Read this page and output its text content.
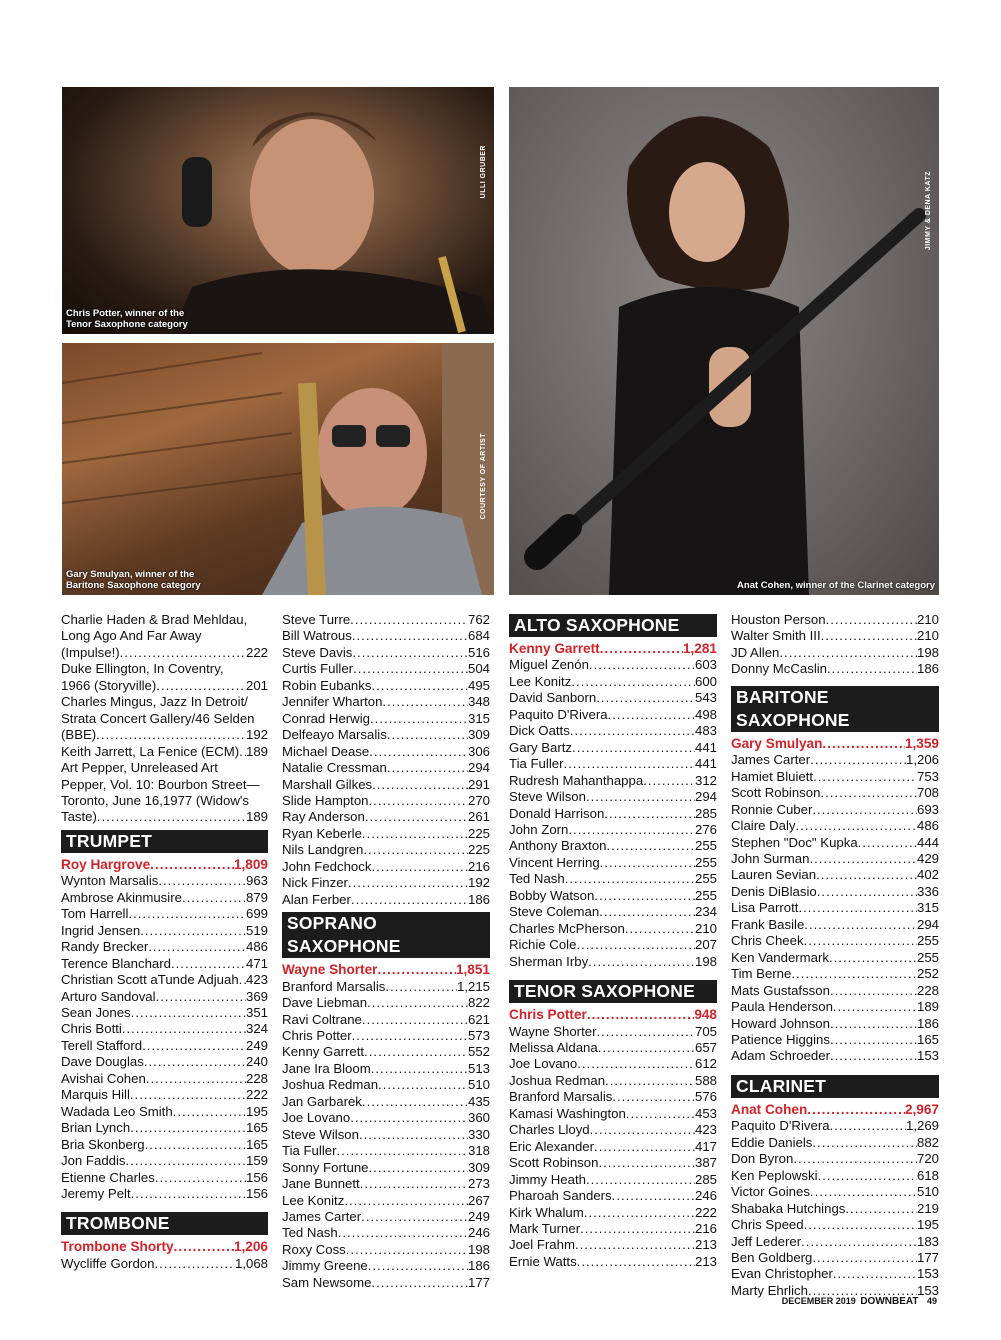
ULLI GRUBER
Chris Potter, winner of the
Tenor Saxophone category
COURTESY OF ARTIST
Gary Smulyan, winner of the
Baritone Saxophone category
JIMMY & DENA KATZ
Anat Cohen, winner of the Clarinet category
Charlie Haden & Brad Mehldau,
Long Ago And Far Away
(Impulse!) .....	222
Duke Ellington, In Coventry,
1966 (Storyville) .....	201
Charles Mingus, Jazz In Detroit/
Strata Concert Gallery/46 Selden
(BBE) .....	192
Keith Jarrett, La Fenice (ECM) ..... 189
Art Pepper, Unreleased Art
Pepper, Vol. 10: Bourbon Street—
Toronto, June 16,1977 (Widow's
Taste) .....	189
TRUMPET
Roy Hargrove .....	1,809
Wynton Marsalis .....	963
Ambrose Akinmusire .....	879
Tom Harrell .....	699
Ingrid Jensen .....	519
Randy Brecker .....	486
Terence Blanchard .....	471
Christian Scott aTunde Adjuah ..... 423
Arturo Sandoval .....	369
Sean Jones .....	351
Chris Botti .....	324
Terell Stafford .....	249
Dave Douglas .....	240
Avishai Cohen .....	228
Marquis Hill .....	222
Wadada Leo Smith .....	195
Brian Lynch .....	165
Bria Skonberg .....	165
Jon Faddis .....	159
Etienne Charles .....	156
Jeremy Pelt .....	156
TROMBONE
Trombone Shorty .....	1,206
Wycliffe Gordon .....	1,068
Steve Turre .....	762
Bill Watrous .....	684
Steve Davis .....	516
Curtis Fuller .....	504
Robin Eubanks .....	495
Jennifer Wharton .....	348
Conrad Herwig .....	315
Delfeayo Marsalis .....	309
Michael Dease .....	306
Natalie Cressman .....	294
Marshall Gilkes .....	291
Slide Hampton .....	270
Ray Anderson .....	261
Ryan Keberle .....	225
Nils Landgren .....	225
John Fedchock .....	216
Nick Finzer .....	192
Alan Ferber .....	186
SOPRANO SAXOPHONE
Wayne Shorter .....	1,851
Branford Marsalis .....	1,215
Dave Liebman .....	822
Ravi Coltrane .....	621
Chris Potter .....	573
Kenny Garrett .....	552
Jane Ira Bloom .....	513
Joshua Redman .....	510
Jan Garbarek .....	435
Joe Lovano .....	360
Steve Wilson .....	330
Tia Fuller .....	318
Sonny Fortune .....	309
Jane Bunnett .....	273
Lee Konitz .....	267
James Carter .....	249
Ted Nash .....	246
Roxy Coss .....	198
Jimmy Greene .....	186
Sam Newsome .....	177
ALTO SAXOPHONE
Kenny Garrett .....	1,281
Miguel Zenón .....	603
Lee Konitz .....	600
David Sanborn .....	543
Paquito D'Rivera .....	498
Dick Oatts .....	483
Gary Bartz .....	441
Tia Fuller .....	441
Rudresh Mahanthappa .....	312
Steve Wilson .....	294
Donald Harrison .....	285
John Zorn .....	276
Anthony Braxton .....	255
Vincent Herring .....	255
Ted Nash .....	255
Bobby Watson .....	255
Steve Coleman .....	234
Charles McPherson .....	210
Richie Cole .....	207
Sherman Irby .....	198
TENOR SAXOPHONE
Chris Potter .....	948
Wayne Shorter .....	705
Melissa Aldana .....	657
Joe Lovano .....	612
Joshua Redman .....	588
Branford Marsalis .....	576
Kamasi Washington .....	453
Charles Lloyd .....	423
Eric Alexander .....	417
Scott Robinson .....	387
Jimmy Heath .....	285
Pharoah Sanders .....	246
Kirk Whalum .....	222
Mark Turner .....	216
Joel Frahm .....	213
Ernie Watts .....	213
Houston Person .....	210
Walter Smith III .....	210
JD Allen .....	198
Donny McCaslin .....	186
BARITONE SAXOPHONE
Gary Smulyan .....	1,359
James Carter .....	1,206
Hamiet Bluiett .....	753
Scott Robinson .....	708
Ronnie Cuber .....	693
Claire Daly .....	486
Stephen "Doc" Kupka .....	444
John Surman .....	429
Lauren Sevian .....	402
Denis DiBlasio .....	336
Lisa Parrott .....	315
Frank Basile .....	294
Chris Cheek .....	255
Ken Vandermark .....	255
Tim Berne .....	252
Mats Gustafsson .....	228
Paula Henderson .....	189
Howard Johnson .....	186
Patience Higgins .....	165
Adam Schroeder .....	153
CLARINET
Anat Cohen .....	2,967
Paquito D'Rivera .....	1,269
Eddie Daniels .....	882
Don Byron .....	720
Ken Peplowski .....	618
Victor Goines .....	510
Shabaka Hutchings .....	219
Chris Speed .....	195
Jeff Lederer .....	183
Ben Goldberg .....	177
Evan Christopher .....	153
Marty Ehrlich .....	153
DECEMBER 2019 DOWNBEAT 49
